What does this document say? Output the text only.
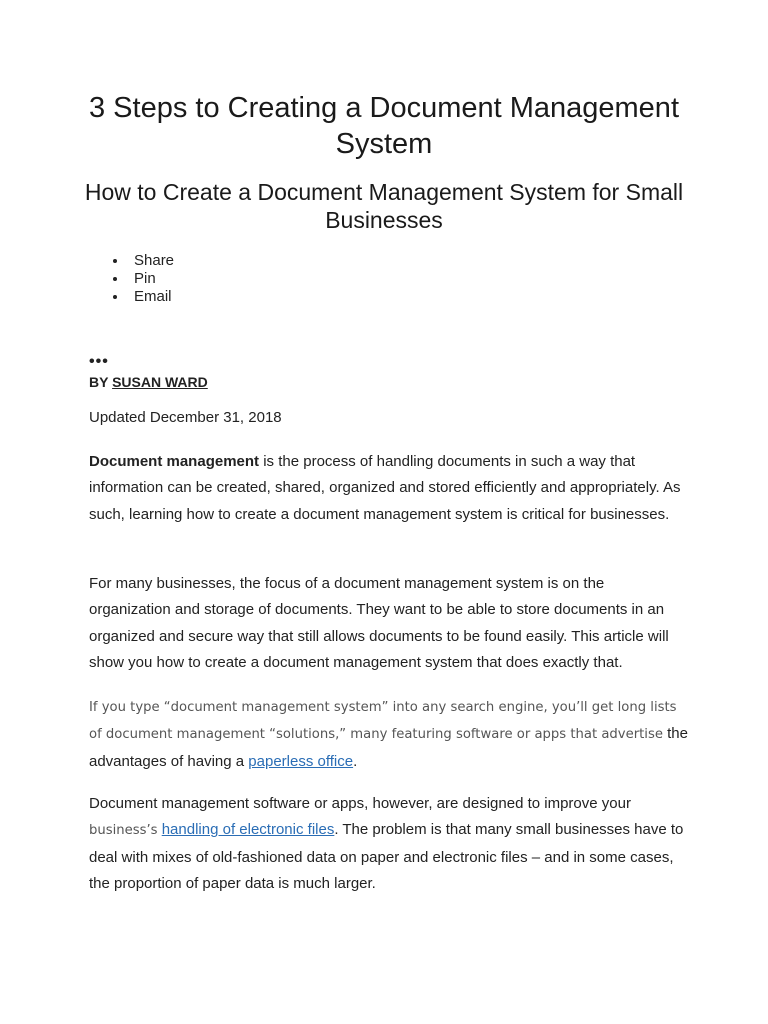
3 Steps to Creating a Document Management System
How to Create a Document Management System for Small Businesses
Share
Pin
Email
•••
BY SUSAN WARD
Updated December 31, 2018

Document management is the process of handling documents in such a way that information can be created, shared, organized and stored efficiently and appropriately. As such, learning how to create a document management system is critical for businesses.

For many businesses, the focus of a document management system is on the organization and storage of documents. They want to be able to store documents in an organized and secure way that still allows documents to be found easily. This article will show you how to create a document management system that does exactly that.

If you type “document management system” into any search engine, you’ll get long lists of document management “solutions,” many featuring software or apps that advertise the advantages of having a paperless office.

Document management software or apps, however, are designed to improve your business’s handling of electronic files. The problem is that many small businesses have to deal with mixes of old-fashioned data on paper and electronic files – and in some cases, the proportion of paper data is much larger.
